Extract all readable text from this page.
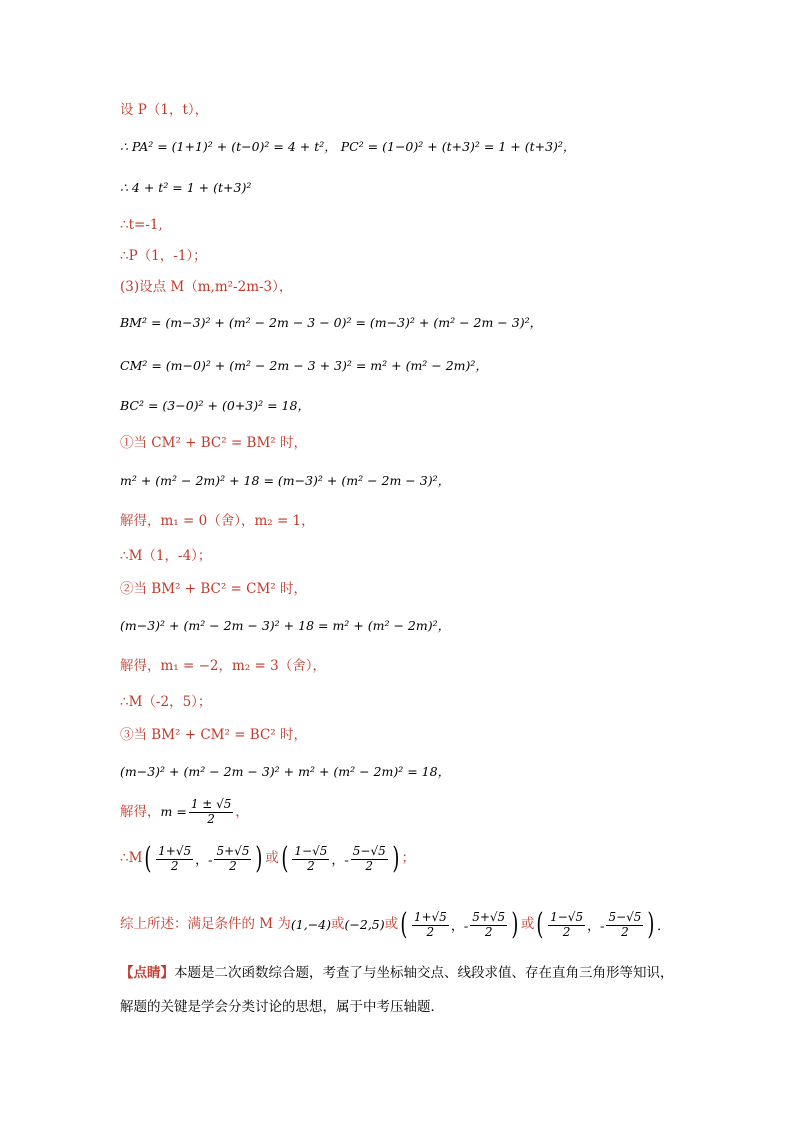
设 P（1，t），
∴ PA² = (1+1)² + (t−0)² = 4 + t²， PC² = (1−0)² + (t+3)² = 1 + (t+3)²，
∴ 4 + t² = 1 + (t+3)²
∴t=-1,
∴P（1，-1）；
(3)设点 M（m,m²-2m-3），
BM² = (m−3)² + (m² − 2m − 3 − 0)² = (m−3)² + (m² − 2m − 3)²，
CM² = (m−0)² + (m² − 2m − 3 + 3)² = m² + (m² − 2m)²，
BC² = (3−0)² + (0+3)² = 18，
①当 CM² + BC² = BM² 时，
m² + (m² − 2m)² + 18 = (m−3)² + (m² − 2m − 3)²，
解得，m₁ = 0（舍），m₂ = 1，
∴M（1，-4）；
②当 BM² + BC² = CM² 时，
(m−3)² + (m² − 2m − 3)² + 18 = m² + (m² − 2m)²，
解得，m₁ = −2，m₂ = 3（舍），
∴M（-2，5）；
③当 BM² + CM² = BC² 时，
(m−3)² + (m² − 2m − 3)² + m² + (m² − 2m)² = 18，
解得， $m = \frac{1 \pm √5}{2}$ ，
∴M ( $\frac{1+√5}{2}$ ， - $\frac{5+√5}{2}$ ) 或 ( $\frac{1-√5}{2}$ ， - $\frac{5-√5}{2}$ ) ；
综上所述：满足条件的 M 为 (1,−4) 或 (−2,5) 或 ( $\frac{1+√5}{2}$ ， - $\frac{5+√5}{2}$ ) 或 ( $\frac{1-√5}{2}$ ， - $\frac{5-√5}{2}$ ) ．
【点睛】 本题是二次函数综合题，考查了与坐标轴交点、线段求值、存在直角三角形等知识，
解题的关键是学会分类讨论的思想，属于中考压轴题．
